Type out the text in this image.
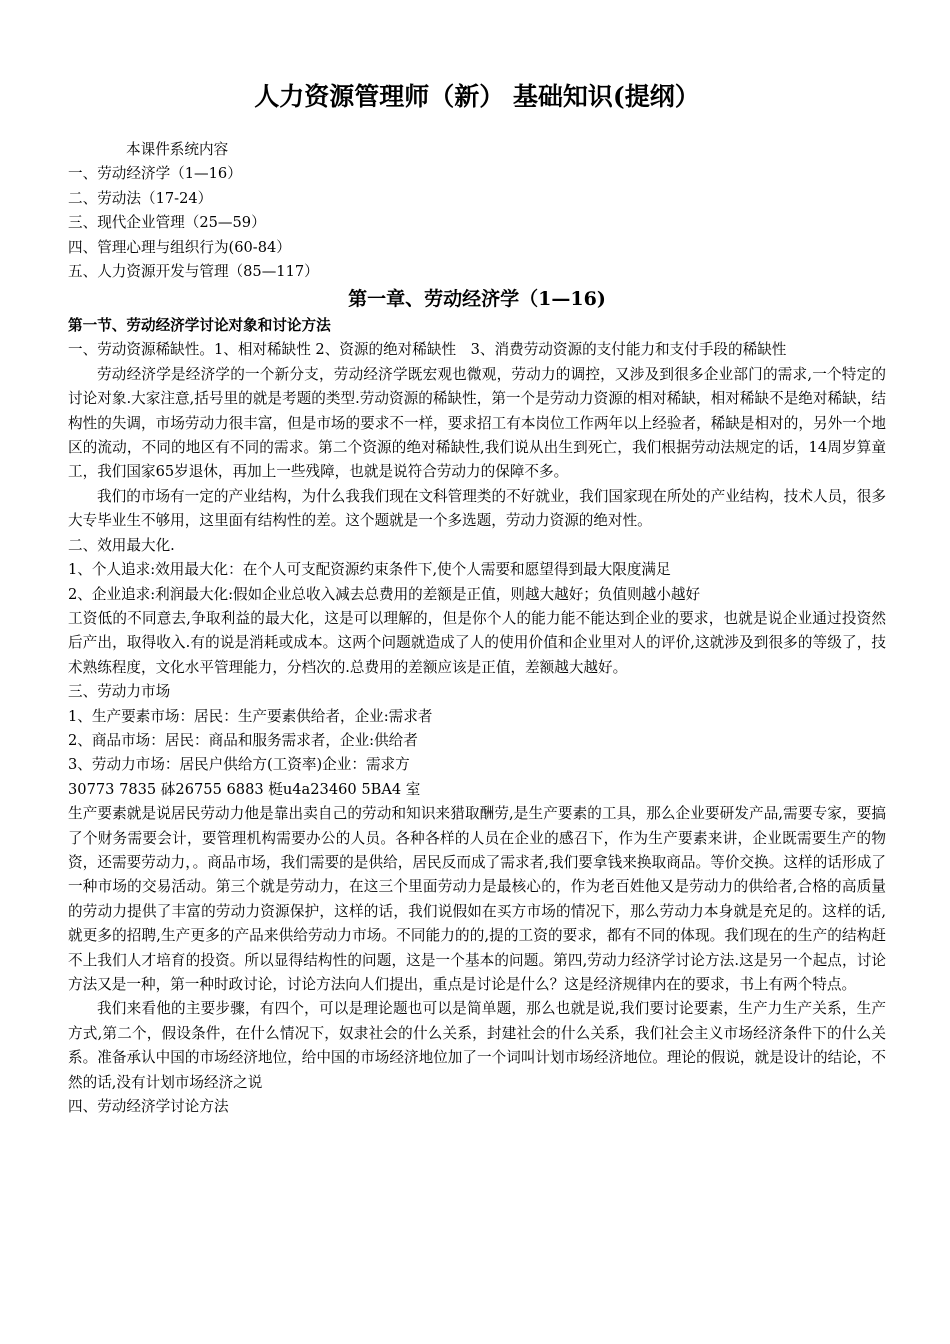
人力资源管理师（新） 基础知识(提纲）

本课件系统内容

一、劳动经济学（1—16）

二、劳动法（17-24）

三、现代企业管理（25—59）

四、管理心理与组织行为(60-84）

五、人力资源开发与管理（85—117）

第一章、劳动经济学（1—16)
第一节、劳动经济学讨论对象和讨论方法

一、劳动资源稀缺性。1、相对稀缺性 2、资源的绝对稀缺性　3、消费劳动资源的支付能力和支付手段的稀缺性

劳动经济学是经济学的一个新分支，劳动经济学既宏观也微观，劳动力的调控，又涉及到很多企业部门的需求,一个特定的讨论对象.大家注意,括号里的就是考题的类型.劳动资源的稀缺性，第一个是劳动力资源的相对稀缺，相对稀缺不是绝对稀缺，结构性的失调，市场劳动力很丰富，但是市场的要求不一样，要求招工有本岗位工作两年以上经验者，稀缺是相对的，另外一个地区的流动，不同的地区有不同的需求。第二个资源的绝对稀缺性,我们说从出生到死亡，我们根据劳动法规定的话，14周岁算童工，我们国家65岁退休，再加上一些残障，也就是说符合劳动力的保障不多。

我们的市场有一定的产业结构，为什么我我们现在文科管理类的不好就业，我们国家现在所处的产业结构，技术人员，很多大专毕业生不够用，这里面有结构性的差。这个题就是一个多选题，劳动力资源的绝对性。

二、效用最大化.

1、个人追求:效用最大化：在个人可支配资源约束条件下,使个人需要和愿望得到最大限度满足

2、企业追求:利润最大化:假如企业总收入减去总费用的差额是正值，则越大越好；负值则越小越好

工资低的不同意去,争取利益的最大化，这是可以理解的，但是你个人的能力能不能达到企业的要求，也就是说企业通过投资然后产出，取得收入.有的说是消耗或成本。这两个问题就造成了人的使用价值和企业里对人的评价,这就涉及到很多的等级了，技术熟练程度，文化水平管理能力，分档次的.总费用的差额应该是正值，差额越大越好。

三、劳动力市场

1、生产要素市场：居民：生产要素供给者，企业:需求者

2、商品市场：居民：商品和服务需求者，企业:供给者

3、劳动力市场：居民户供给方(工资率)企业：需求方

30773 7835 砵26755 6883 梃u4a23460 5BA4 室

生产要素就是说居民劳动力他是靠出卖自己的劳动和知识来猎取酬劳,是生产要素的工具，那么企业要研发产品,需要专家，要搞了个财务需要会计，要管理机构需要办公的人员。各种各样的人员在企业的感召下，作为生产要素来讲，企业既需要生产的物资，还需要劳动力，。商品市场，我们需要的是供给，居民反而成了需求者,我们要拿钱来换取商品。等价交换。这样的话形成了一种市场的交易活动。第三个就是劳动力，在这三个里面劳动力是最核心的，作为老百姓他又是劳动力的供给者,合格的高质量的劳动力提供了丰富的劳动力资源保护，这样的话，我们说假如在买方市场的情况下，那么劳动力本身就是充足的。这样的话,就更多的招聘,生产更多的产品来供给劳动力市场。不同能力的的,提的工资的要求，都有不同的体现。我们现在的生产的结构赶不上我们人才培育的投资。所以显得结构性的问题，这是一个基本的问题。第四,劳动力经济学讨论方法.这是另一个起点，讨论方法又是一种，第一种时政讨论，讨论方法向人们提出，重点是讨论是什么？这是经济规律内在的要求，书上有两个特点。

我们来看他的主要步骤，有四个，可以是理论题也可以是简单题，那么也就是说,我们要讨论要素，生产力生产关系，生产方式,第二个，假设条件，在什么情况下，奴隶社会的什么关系，封建社会的什么关系，我们社会主义市场经济条件下的什么关系。准备承认中国的市场经济地位，给中国的市场经济地位加了一个词叫计划市场经济地位。理论的假说，就是设计的结论，不然的话,没有计划市场经济之说

四、劳动经济学讨论方法
